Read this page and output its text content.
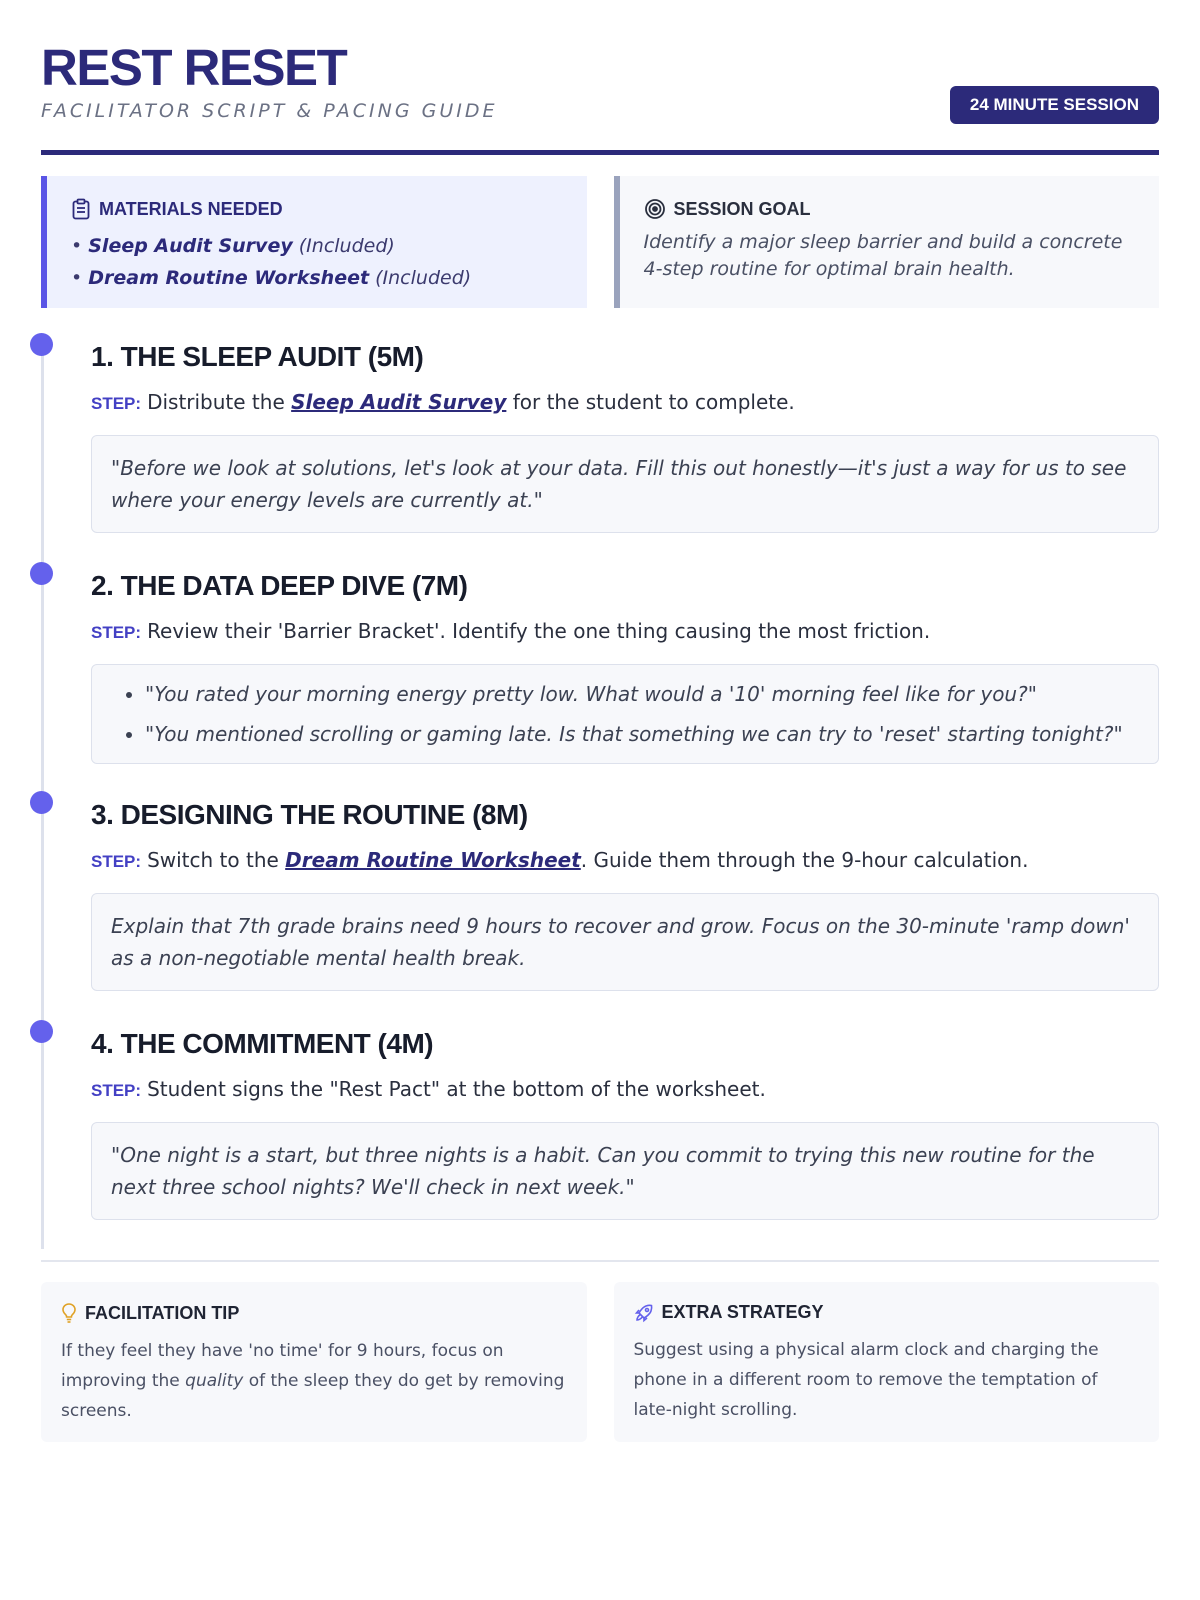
REST RESET
FACILITATOR SCRIPT & PACING GUIDE	24 MINUTE SESSION
MATERIALS NEEDED
• Sleep Audit Survey (Included)
• Dream Routine Worksheet (Included)
SESSION GOAL
Identify a major sleep barrier and build a concrete 4-step routine for optimal brain health.
1. THE SLEEP AUDIT (5M)
STEP: Distribute the Sleep Audit Survey for the student to complete.
"Before we look at solutions, let's look at your data. Fill this out honestly—it's just a way for us to see where your energy levels are currently at."
2. THE DATA DEEP DIVE (7M)
STEP: Review their 'Barrier Bracket'. Identify the one thing causing the most friction.
• "You rated your morning energy pretty low. What would a '10' morning feel like for you?"
• "You mentioned scrolling or gaming late. Is that something we can try to 'reset' starting tonight?"
3. DESIGNING THE ROUTINE (8M)
STEP: Switch to the Dream Routine Worksheet. Guide them through the 9-hour calculation.
Explain that 7th grade brains need 9 hours to recover and grow. Focus on the 30-minute 'ramp down' as a non-negotiable mental health break.
4. THE COMMITMENT (4M)
STEP: Student signs the "Rest Pact" at the bottom of the worksheet.
"One night is a start, but three nights is a habit. Can you commit to trying this new routine for the next three school nights? We'll check in next week."
FACILITATION TIP
If they feel they have 'no time' for 9 hours, focus on improving the quality of the sleep they do get by removing screens.
EXTRA STRATEGY
Suggest using a physical alarm clock and charging the phone in a different room to remove the temptation of late-night scrolling.
